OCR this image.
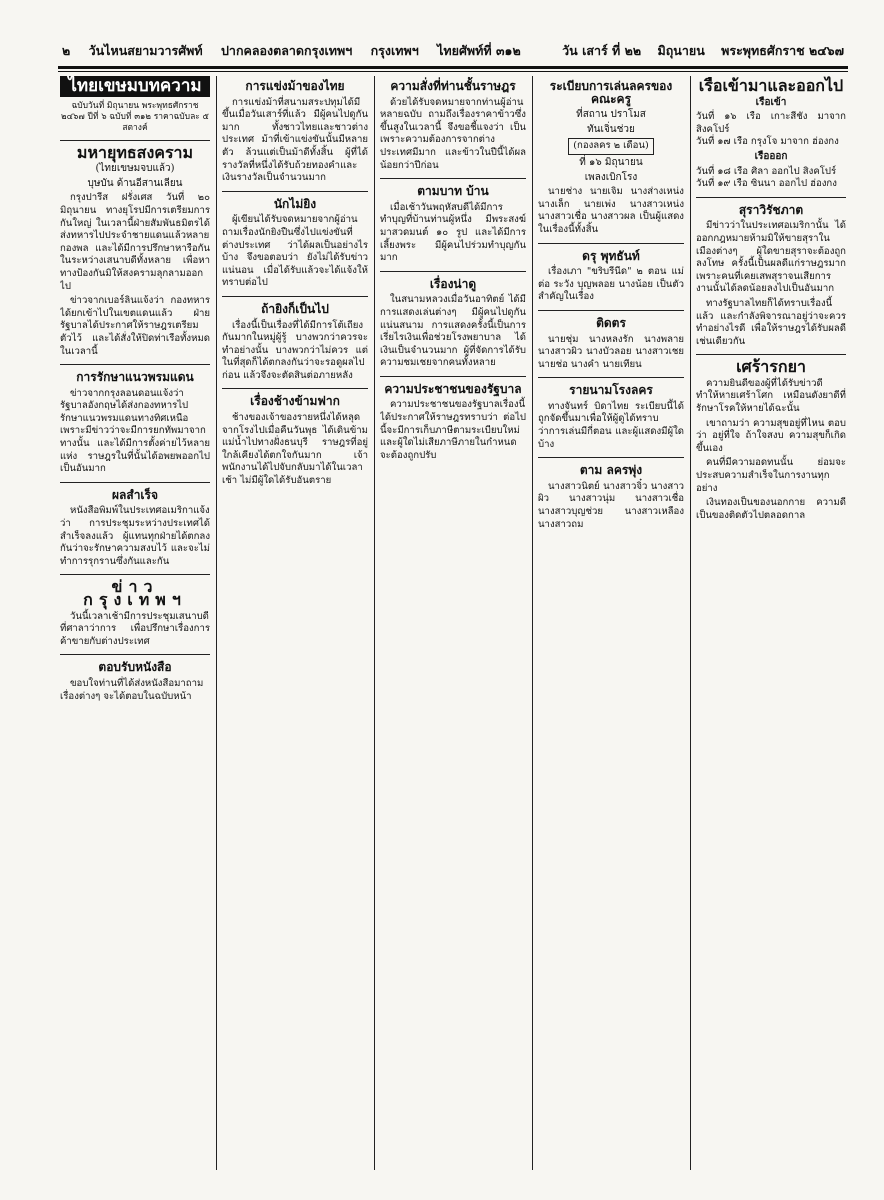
๒ วันไหนสยามวารศัพท์ ปากคลองตลาดกรุงเทพฯ กรุงเทพฯ ไทยศัพท์ที่ ๓๑๒	วัน เสาร์ ที่ ๒๒ มิถุนายน พระพุทธศักราช ๒๔๖๗
ไทยเขษมบทความ
ฉบับวันที่ มิถุนายน พระพุทธศักราช ๒๔๖๗ ปีที่ ๖ ฉบับที่ ๓๑๒ ราคาฉบับละ ๕ สตางค์
มหายุทธสงคราม
(ไทยเขษมจบแล้ว)
บุษบัน ด้านอีสานเลียน
กรุงปารีส ฝรั่งเศส วันที่ ๒๐ มิถุนายน ทางยุโรปมีการเตรียมการกันใหญ่ ในเวลานี้ฝ่ายสัมพันธมิตรได้ส่งทหารไปประจำชายแดนแล้วหลายกองพล และได้มีการปรึกษาหารือกันในระหว่างเสนาบดีทั้งหลาย เพื่อหาทางป้องกันมิให้สงครามลุกลามออกไป
ข่าวจากเบอร์ลินแจ้งว่า กองทหารได้ยกเข้าไปในเขตแดนแล้ว ฝ่ายรัฐบาลได้ประกาศให้ราษฎรเตรียมตัวไว้ และได้สั่งให้ปิดท่าเรือทั้งหมดในเวลานี้
การรักษาแนวพรมแดน
ข่าวจากกรุงลอนดอนแจ้งว่า รัฐบาลอังกฤษได้ส่งกองทหารไปรักษาแนวพรมแดนทางทิศเหนือ เพราะมีข่าวว่าจะมีการยกทัพมาจากทางนั้น และได้มีการตั้งค่ายไว้หลายแห่ง ราษฎรในที่นั้นได้อพยพออกไปเป็นอันมาก
ผลสำเร็จ
หนังสือพิมพ์ในประเทศอเมริกาแจ้งว่า การประชุมระหว่างประเทศได้สำเร็จลงแล้ว ผู้แทนทุกฝ่ายได้ตกลงกันว่าจะรักษาความสงบไว้ และจะไม่ทำการรุกรานซึ่งกันและกัน
ข่าว กรุงเทพฯ
วันนี้เวลาเช้ามีการประชุมเสนาบดีที่ศาลาว่าการ เพื่อปรึกษาเรื่องการค้าขายกับต่างประเทศ
ตอบรับหนังสือ
ขอบใจท่านที่ได้ส่งหนังสือมาถามเรื่องต่างๆ จะได้ตอบในฉบับหน้า
การแข่งม้าของไทย
การแข่งม้าที่สนามสระปทุมได้มีขึ้นเมื่อวันเสาร์ที่แล้ว มีผู้คนไปดูกันมาก ทั้งชาวไทยและชาวต่างประเทศ ม้าที่เข้าแข่งขันนั้นมีหลายตัว ล้วนแต่เป็นม้าดีทั้งสิ้น ผู้ที่ได้รางวัลที่หนึ่งได้รับถ้วยทองคำและเงินรางวัลเป็นจำนวนมาก
นักไม่ยิง
ผู้เขียนได้รับจดหมายจากผู้อ่านถามเรื่องนักยิงปืนซึ่งไปแข่งขันที่ต่างประเทศ ว่าได้ผลเป็นอย่างไรบ้าง จึงขอตอบว่า ยังไม่ได้รับข่าวแน่นอน เมื่อได้รับแล้วจะได้แจ้งให้ทราบต่อไป
ถ้ายิงก็เป็นไป
เรื่องนี้เป็นเรื่องที่ได้มีการโต้เถียงกันมากในหมู่ผู้รู้ บางพวกว่าควรจะทำอย่างนั้น บางพวกว่าไม่ควร แต่ในที่สุดก็ได้ตกลงกันว่าจะรอดูผลไปก่อน แล้วจึงจะตัดสินต่อภายหลัง
เรื่องช้างข้ามฟาก
ช้างของเจ้าของรายหนึ่งได้หลุดจากโรงไปเมื่อคืนวันพุธ ได้เดินข้ามแม่น้ำไปทางฝั่งธนบุรี ราษฎรที่อยู่ใกล้เคียงได้ตกใจกันมาก เจ้าพนักงานได้ไปจับกลับมาได้ในเวลาเช้า ไม่มีผู้ใดได้รับอันตราย
ความสั่งที่ท่านชั้นราษฎร
ด้วยได้รับจดหมายจากท่านผู้อ่านหลายฉบับ ถามถึงเรื่องราคาข้าวซึ่งขึ้นสูงในเวลานี้ จึงขอชี้แจงว่า เป็นเพราะความต้องการจากต่างประเทศมีมาก และข้าวในปีนี้ได้ผลน้อยกว่าปีก่อน
ตามบาท บ้าน
เมื่อเช้าวันพฤหัสบดีได้มีการทำบุญที่บ้านท่านผู้หนึ่ง มีพระสงฆ์มาสวดมนต์ ๑๐ รูป และได้มีการเลี้ยงพระ มีผู้คนไปร่วมทำบุญกันมาก
เรื่องน่าดู
ในสนามหลวงเมื่อวันอาทิตย์ ได้มีการแสดงเล่นต่างๆ มีผู้คนไปดูกันแน่นสนาม การแสดงครั้งนี้เป็นการเรี่ยไรเงินเพื่อช่วยโรงพยาบาล ได้เงินเป็นจำนวนมาก ผู้ที่จัดการได้รับความชมเชยจากคนทั้งหลาย
ความประชาชนของรัฐบาล
ความประชาชนของรัฐบาลเรื่องนี้ ได้ประกาศให้ราษฎรทราบว่า ต่อไปนี้จะมีการเก็บภาษีตามระเบียบใหม่ และผู้ใดไม่เสียภาษีภายในกำหนดจะต้องถูกปรับ
ระเบียบการเล่นลครของคณะครู
ที่สถาน ปราโมส
ทันเจิ่นช่วย
(กองลคร ๒ เดือน)
ที่ ๑๖ มิถุนายน
เพลงเบิกโรง
นายช่าง นายเจิม นางส่างเหน่ง นางเล็ก นายเพ่ง นางสาวเหน่ง นางสาวเชื่อ นางสาวผล เป็นผู้แสดงในเรื่องนี้ทั้งสิ้น
ดรุ พุทธันท์
เรื่องเภา "ขริบรีนีด" ๒ ตอน แม่ต่อ ระวัง บุญพลอย นางน้อย เป็นตัวสำคัญในเรื่อง
ติดตร
นายชุ่ม นางหลงรัก นางพลาย นางสาวผิว นางบัวลอย นางสาวเชย นายช่อ นางคำ นายเทียน
รายนามโรงลคร
ทางจันทร์ บิดาไทย ระเบียบนี้ได้ถูกจัดขึ้นมาเพื่อให้ผู้ดูได้ทราบว่าการเล่นมีกี่ตอน และผู้แสดงมีผู้ใดบ้าง
ตาม ลครพุ่ง
นางสาวนิตย์ นางสาวจิ๋ว นางสาวผิว นางสาวนุ่ม นางสาวเชื่อ นางสาวบุญช่วย นางสาวเหลือง นางสาวถม
เรือเข้ามาและออกไป
เรือเข้า
วันที่ ๑๖ เรือ เกาะสีชัง มาจาก สิงคโปร์
วันที่ ๑๗ เรือ กรุงโจ มาจาก ฮ่องกง
เรือออก
วันที่ ๑๘ เรือ ศิลา ออกไป สิงคโปร์
วันที่ ๑๙ เรือ ซินนา ออกไป ฮ่องกง
สุราวิรัชภาต
มีข่าวว่าในประเทศอเมริกานั้น ได้ออกกฎหมายห้ามมิให้ขายสุราในเมืองต่างๆ ผู้ใดขายสุราจะต้องถูกลงโทษ ครั้งนี้เป็นผลดีแก่ราษฎรมาก เพราะคนที่เคยเสพสุราจนเสียการงานนั้นได้ลดน้อยลงไปเป็นอันมาก
ทางรัฐบาลไทยก็ได้ทราบเรื่องนี้แล้ว และกำลังพิจารณาอยู่ว่าจะควรทำอย่างไรดี เพื่อให้ราษฎรได้รับผลดีเช่นเดียวกัน
เศร้ารกยา
ความยินดีของผู้ที่ได้รับข่าวดี ทำให้หายเศร้าโศก เหมือนดังยาดีที่รักษาโรคให้หายได้ฉะนั้น
เขาถามว่า ความสุขอยู่ที่ไหน ตอบว่า อยู่ที่ใจ ถ้าใจสงบ ความสุขก็เกิดขึ้นเอง
คนที่มีความอดทนนั้น ย่อมจะประสบความสำเร็จในการงานทุกอย่าง
เงินทองเป็นของนอกกาย ความดีเป็นของติดตัวไปตลอดกาล
